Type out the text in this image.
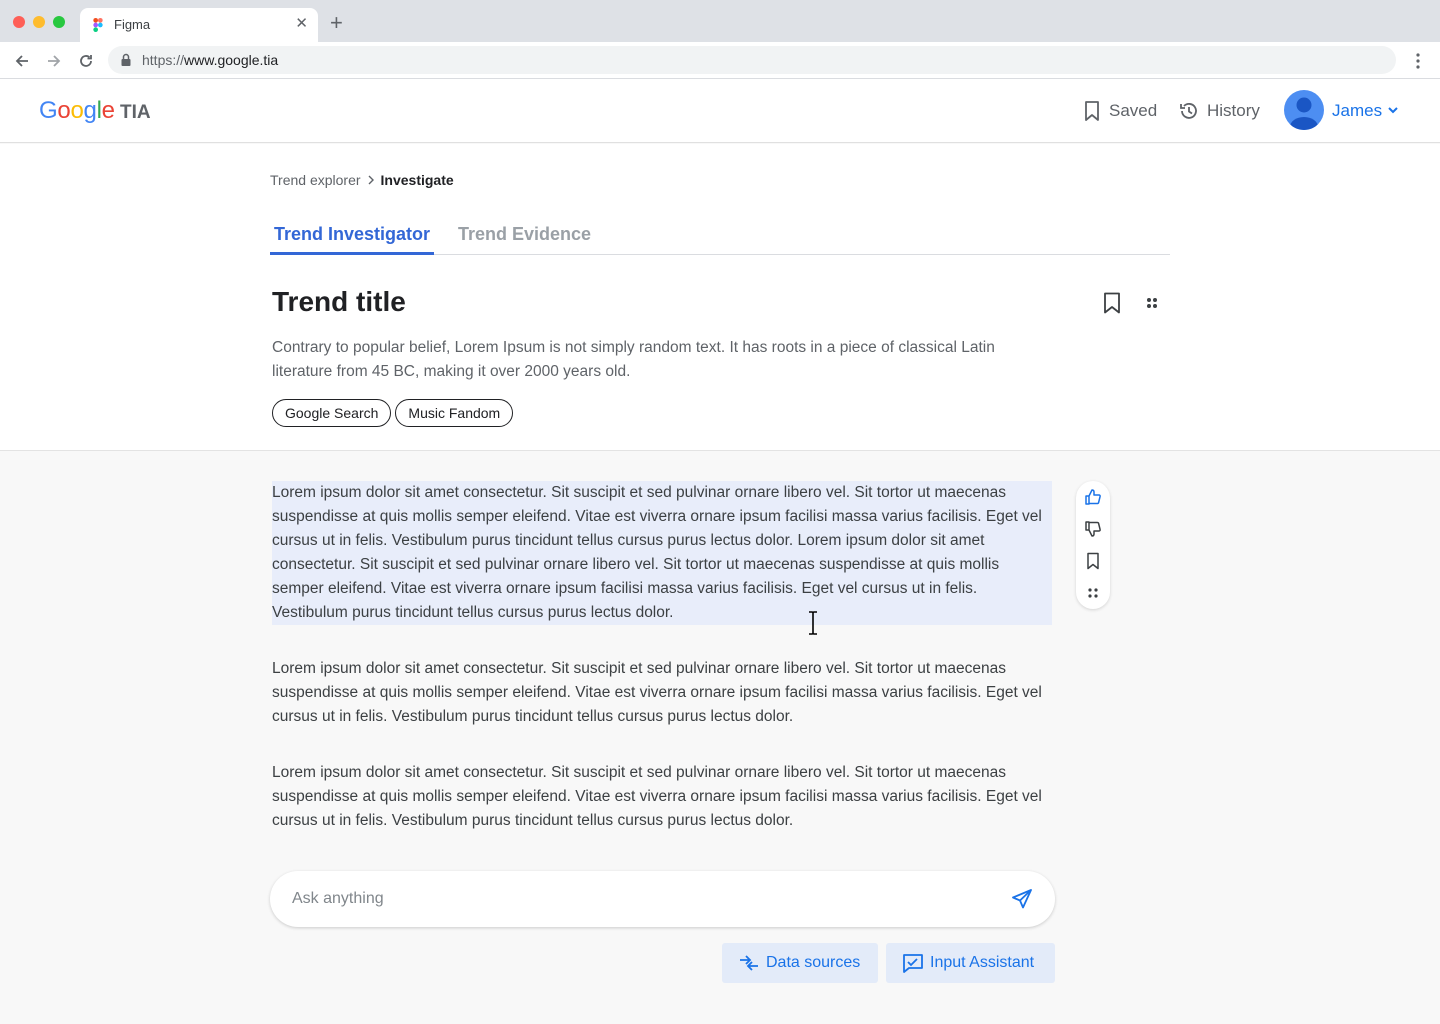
Figma	✕ +
https://www.google.tia
Google TIA	Saved	History	James
Trend explorer Investigate
Trend Investigator Trend Evidence
Trend title

Contrary to popular belief, Lorem Ipsum is not simply random text. It has roots in a piece of classical Latin literature from 45 BC, making it over 2000 years old.

Google Search	Music Fandom

Lorem ipsum dolor sit amet consectetur. Sit suscipit et sed pulvinar ornare libero vel. Sit tortor ut maecenas suspendisse at quis mollis semper eleifend. Vitae est viverra ornare ipsum facilisi massa varius facilisis. Eget vel cursus ut in felis. Vestibulum purus tincidunt tellus cursus purus lectus dolor. Lorem ipsum dolor sit amet consectetur. Sit suscipit et sed pulvinar ornare libero vel. Sit tortor ut maecenas suspendisse at quis mollis semper eleifend. Vitae est viverra ornare ipsum facilisi massa varius facilisis. Eget vel cursus ut in felis. Vestibulum purus tincidunt tellus cursus purus lectus dolor.

Lorem ipsum dolor sit amet consectetur. Sit suscipit et sed pulvinar ornare libero vel. Sit tortor ut maecenas suspendisse at quis mollis semper eleifend. Vitae est viverra ornare ipsum facilisi massa varius facilisis. Eget vel cursus ut in felis. Vestibulum purus tincidunt tellus cursus purus lectus dolor.

Lorem ipsum dolor sit amet consectetur. Sit suscipit et sed pulvinar ornare libero vel. Sit tortor ut maecenas suspendisse at quis mollis semper eleifend. Vitae est viverra ornare ipsum facilisi massa varius facilisis. Eget vel cursus ut in felis. Vestibulum purus tincidunt tellus cursus purus lectus dolor.

Ask anything
Data sources	Input Assistant
